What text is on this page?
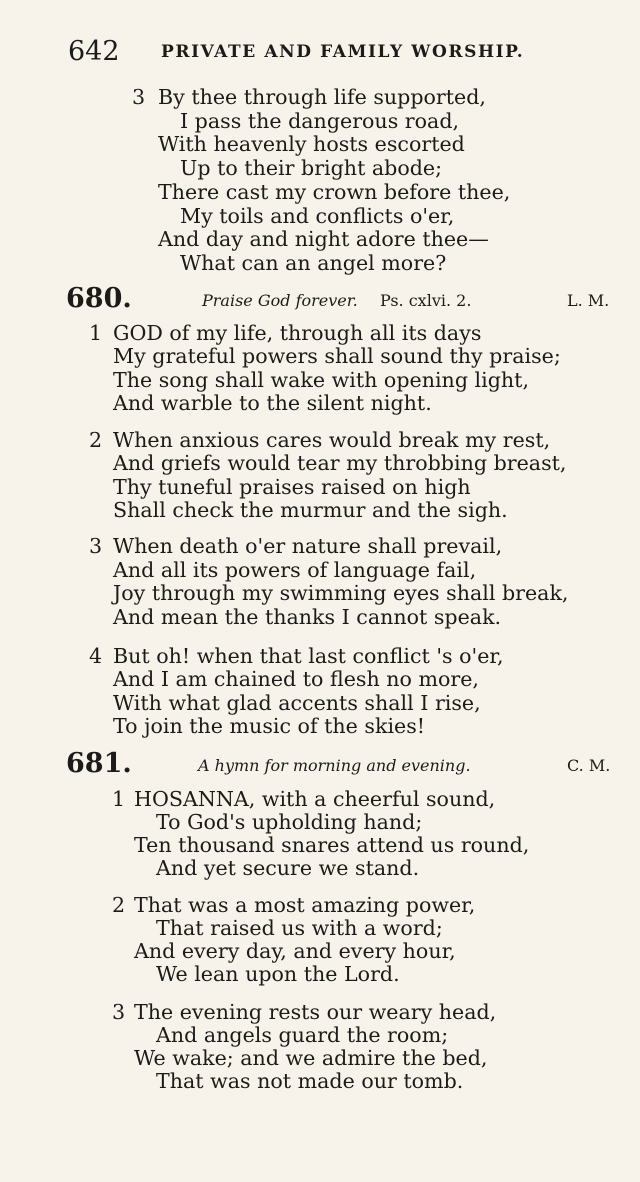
642 PRIVATE AND FAMILY WORSHIP.
3 By thee through life supported,
I pass the dangerous road,
With heavenly hosts escorted
Up to their bright abode;
There cast my crown before thee,
My toils and conflicts o'er,
And day and night adore thee—
What can an angel more?
680.	Praise God forever. Ps. cxlvi. 2.	L. M.
1 GOD of my life, through all its days
My grateful powers shall sound thy praise;
The song shall wake with opening light,
And warble to the silent night.
2 When anxious cares would break my rest,
And griefs would tear my throbbing breast,
Thy tuneful praises raised on high
Shall check the murmur and the sigh.
3 When death o'er nature shall prevail,
And all its powers of language fail,
Joy through my swimming eyes shall break,
And mean the thanks I cannot speak.
4 But oh! when that last conflict 's o'er,
And I am chained to flesh no more,
With what glad accents shall I rise,
To join the music of the skies!
681.	A hymn for morning and evening.	C. M.
1 HOSANNA, with a cheerful sound,
To God's upholding hand;
Ten thousand snares attend us round,
And yet secure we stand.
2 That was a most amazing power,
That raised us with a word;
And every day, and every hour,
We lean upon the Lord.
3 The evening rests our weary head,
And angels guard the room;
We wake; and we admire the bed,
That was not made our tomb.
